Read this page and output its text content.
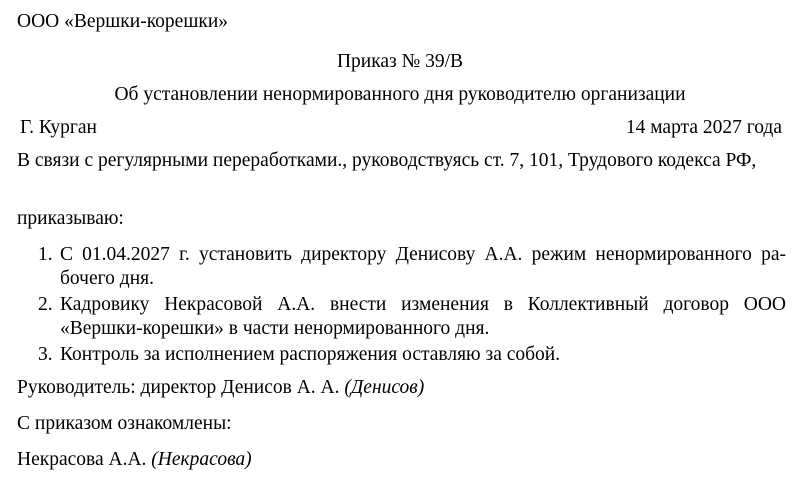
ООО «Вершки-корешки»
Приказ № 39/В
Об установлении ненормированного дня руководителю организации
Г. Курган	14 марта 2027 года
В связи с регулярными переработками., руководствуясь ст. 7, 101, Трудового кодекса РФ,
приказываю:
1. С 01.04.2027 г. установить директору Денисову А.А. режим ненормированного рабочего дня.
2. Кадровику Некрасовой А.А. внести изменения в Коллективный договор ООО «Вершки-корешки» в части ненормированного дня.
3. Контроль за исполнением распоряжения оставляю за собой.
Руководитель: директор Денисов А. А. (Денисов)
С приказом ознакомлены:
Некрасова А.А. (Некрасова)
